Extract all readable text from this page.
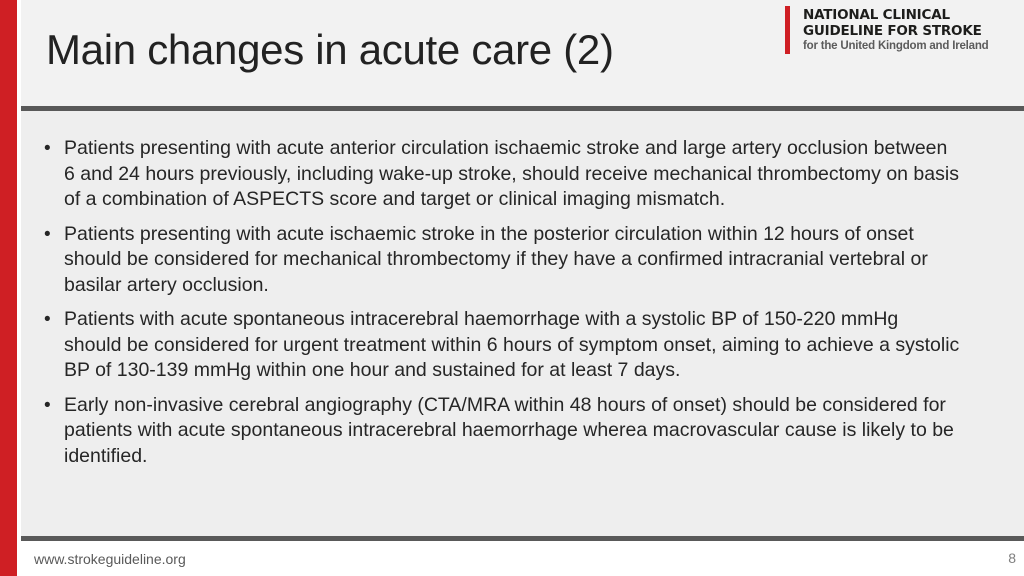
Main changes in acute care (2)
NATIONAL CLINICAL
GUIDELINE FOR STROKE
for the United Kingdom and Ireland
• Patients presenting with acute anterior circulation ischaemic stroke and large artery occlusion between 6 and 24 hours previously, including wake-up stroke, should receive mechanical thrombectomy on basis of a combination of ASPECTS score and target or clinical imaging mismatch.
• Patients presenting with acute ischaemic stroke in the posterior circulation within 12 hours of onset should be considered for mechanical thrombectomy if they have a confirmed intracranial vertebral or basilar artery occlusion.
• Patients with acute spontaneous intracerebral haemorrhage with a systolic BP of 150-220 mmHg should be considered for urgent treatment within 6 hours of symptom onset, aiming to achieve a systolic BP of 130-139 mmHg within one hour and sustained for at least 7 days.
• Early non-invasive cerebral angiography (CTA/MRA within 48 hours of onset) should be considered for patients with acute spontaneous intracerebral haemorrhage wherea macrovascular cause is likely to be identified.
www.strokeguideline.org	8
